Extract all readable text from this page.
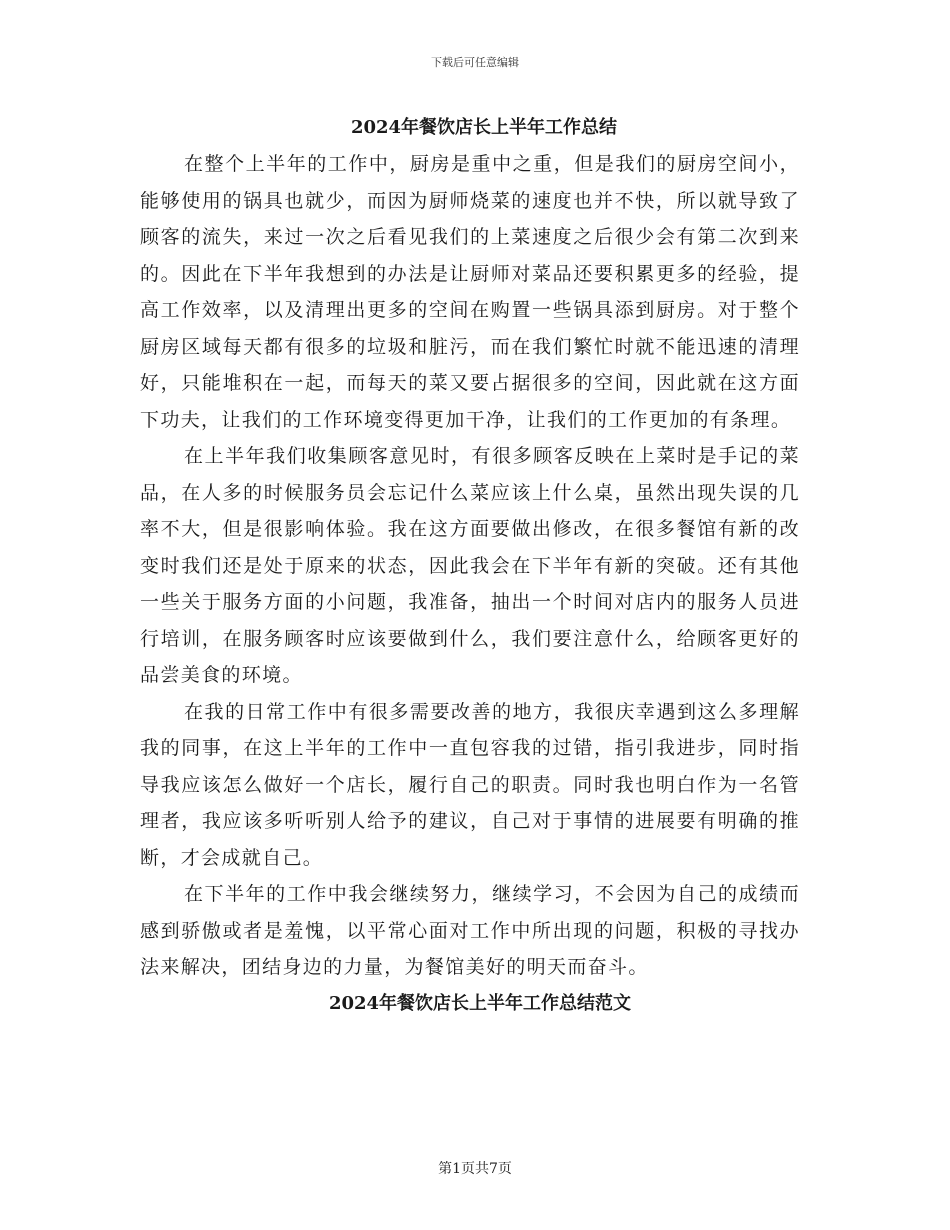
下载后可任意编辑
2024年餐饮店长上半年工作总结

在整个上半年的工作中，厨房是重中之重，但是我们的厨房空间小，能够使用的锅具也就少，而因为厨师烧菜的速度也并不快，所以就导致了顾客的流失，来过一次之后看见我们的上菜速度之后很少会有第二次到来的。因此在下半年我想到的办法是让厨师对菜品还要积累更多的经验，提高工作效率，以及清理出更多的空间在购置一些锅具添到厨房。对于整个厨房区域每天都有很多的垃圾和脏污，而在我们繁忙时就不能迅速的清理好，只能堆积在一起，而每天的菜又要占据很多的空间，因此就在这方面下功夫，让我们的工作环境变得更加干净，让我们的工作更加的有条理。

在上半年我们收集顾客意见时，有很多顾客反映在上菜时是手记的菜品，在人多的时候服务员会忘记什么菜应该上什么桌，虽然出现失误的几率不大，但是很影响体验。我在这方面要做出修改，在很多餐馆有新的改变时我们还是处于原来的状态，因此我会在下半年有新的突破。还有其他一些关于服务方面的小问题，我准备，抽出一个时间对店内的服务人员进行培训，在服务顾客时应该要做到什么，我们要注意什么，给顾客更好的品尝美食的环境。

在我的日常工作中有很多需要改善的地方，我很庆幸遇到这么多理解我的同事，在这上半年的工作中一直包容我的过错，指引我进步，同时指导我应该怎么做好一个店长，履行自己的职责。同时我也明白作为一名管理者，我应该多听听别人给予的建议，自己对于事情的进展要有明确的推断，才会成就自己。

在下半年的工作中我会继续努力，继续学习，不会因为自己的成绩而感到骄傲或者是羞愧，以平常心面对工作中所出现的问题，积极的寻找办法来解决，团结身边的力量，为餐馆美好的明天而奋斗。

2024年餐饮店长上半年工作总结范文
第1页共7页
